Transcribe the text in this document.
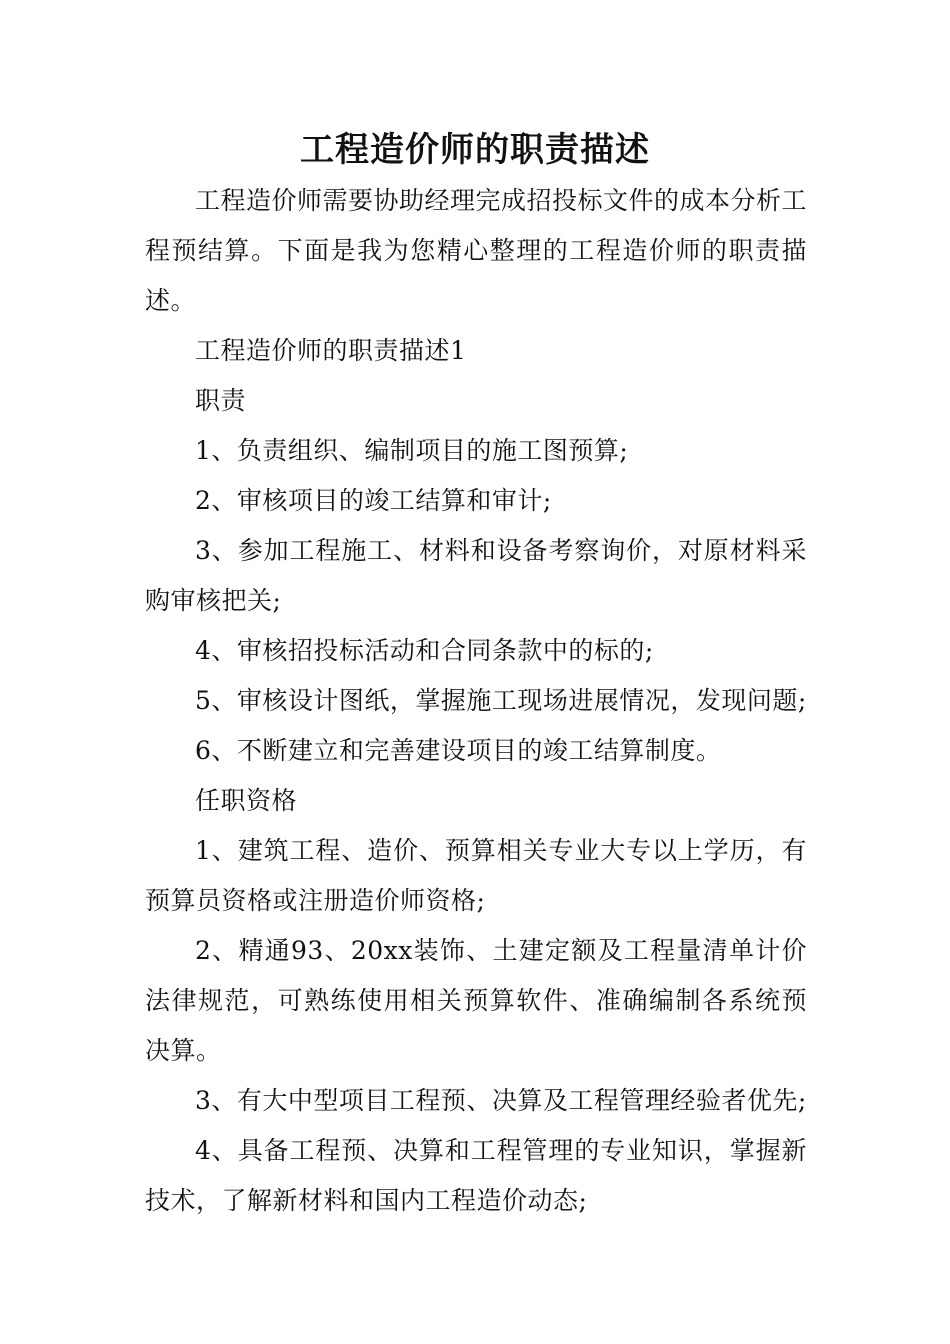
工程造价师的职责描述

工程造价师需要协助经理完成招投标文件的成本分析工程预结算。下面是我为您精心整理的工程造价师的职责描述。

工程造价师的职责描述1

职责

1、负责组织、编制项目的施工图预算;

2、审核项目的竣工结算和审计;

3、参加工程施工、材料和设备考察询价，对原材料采购审核把关;

4、审核招投标活动和合同条款中的标的;

5、审核设计图纸，掌握施工现场进展情况，发现问题;

6、不断建立和完善建设项目的竣工结算制度。

任职资格

1、建筑工程、造价、预算相关专业大专以上学历，有预算员资格或注册造价师资格;

2、精通93、20xx装饰、土建定额及工程量清单计价法律规范，可熟练使用相关预算软件、准确编制各系统预决算。

3、有大中型项目工程预、决算及工程管理经验者优先;

4、具备工程预、决算和工程管理的专业知识，掌握新技术，了解新材料和国内工程造价动态;
